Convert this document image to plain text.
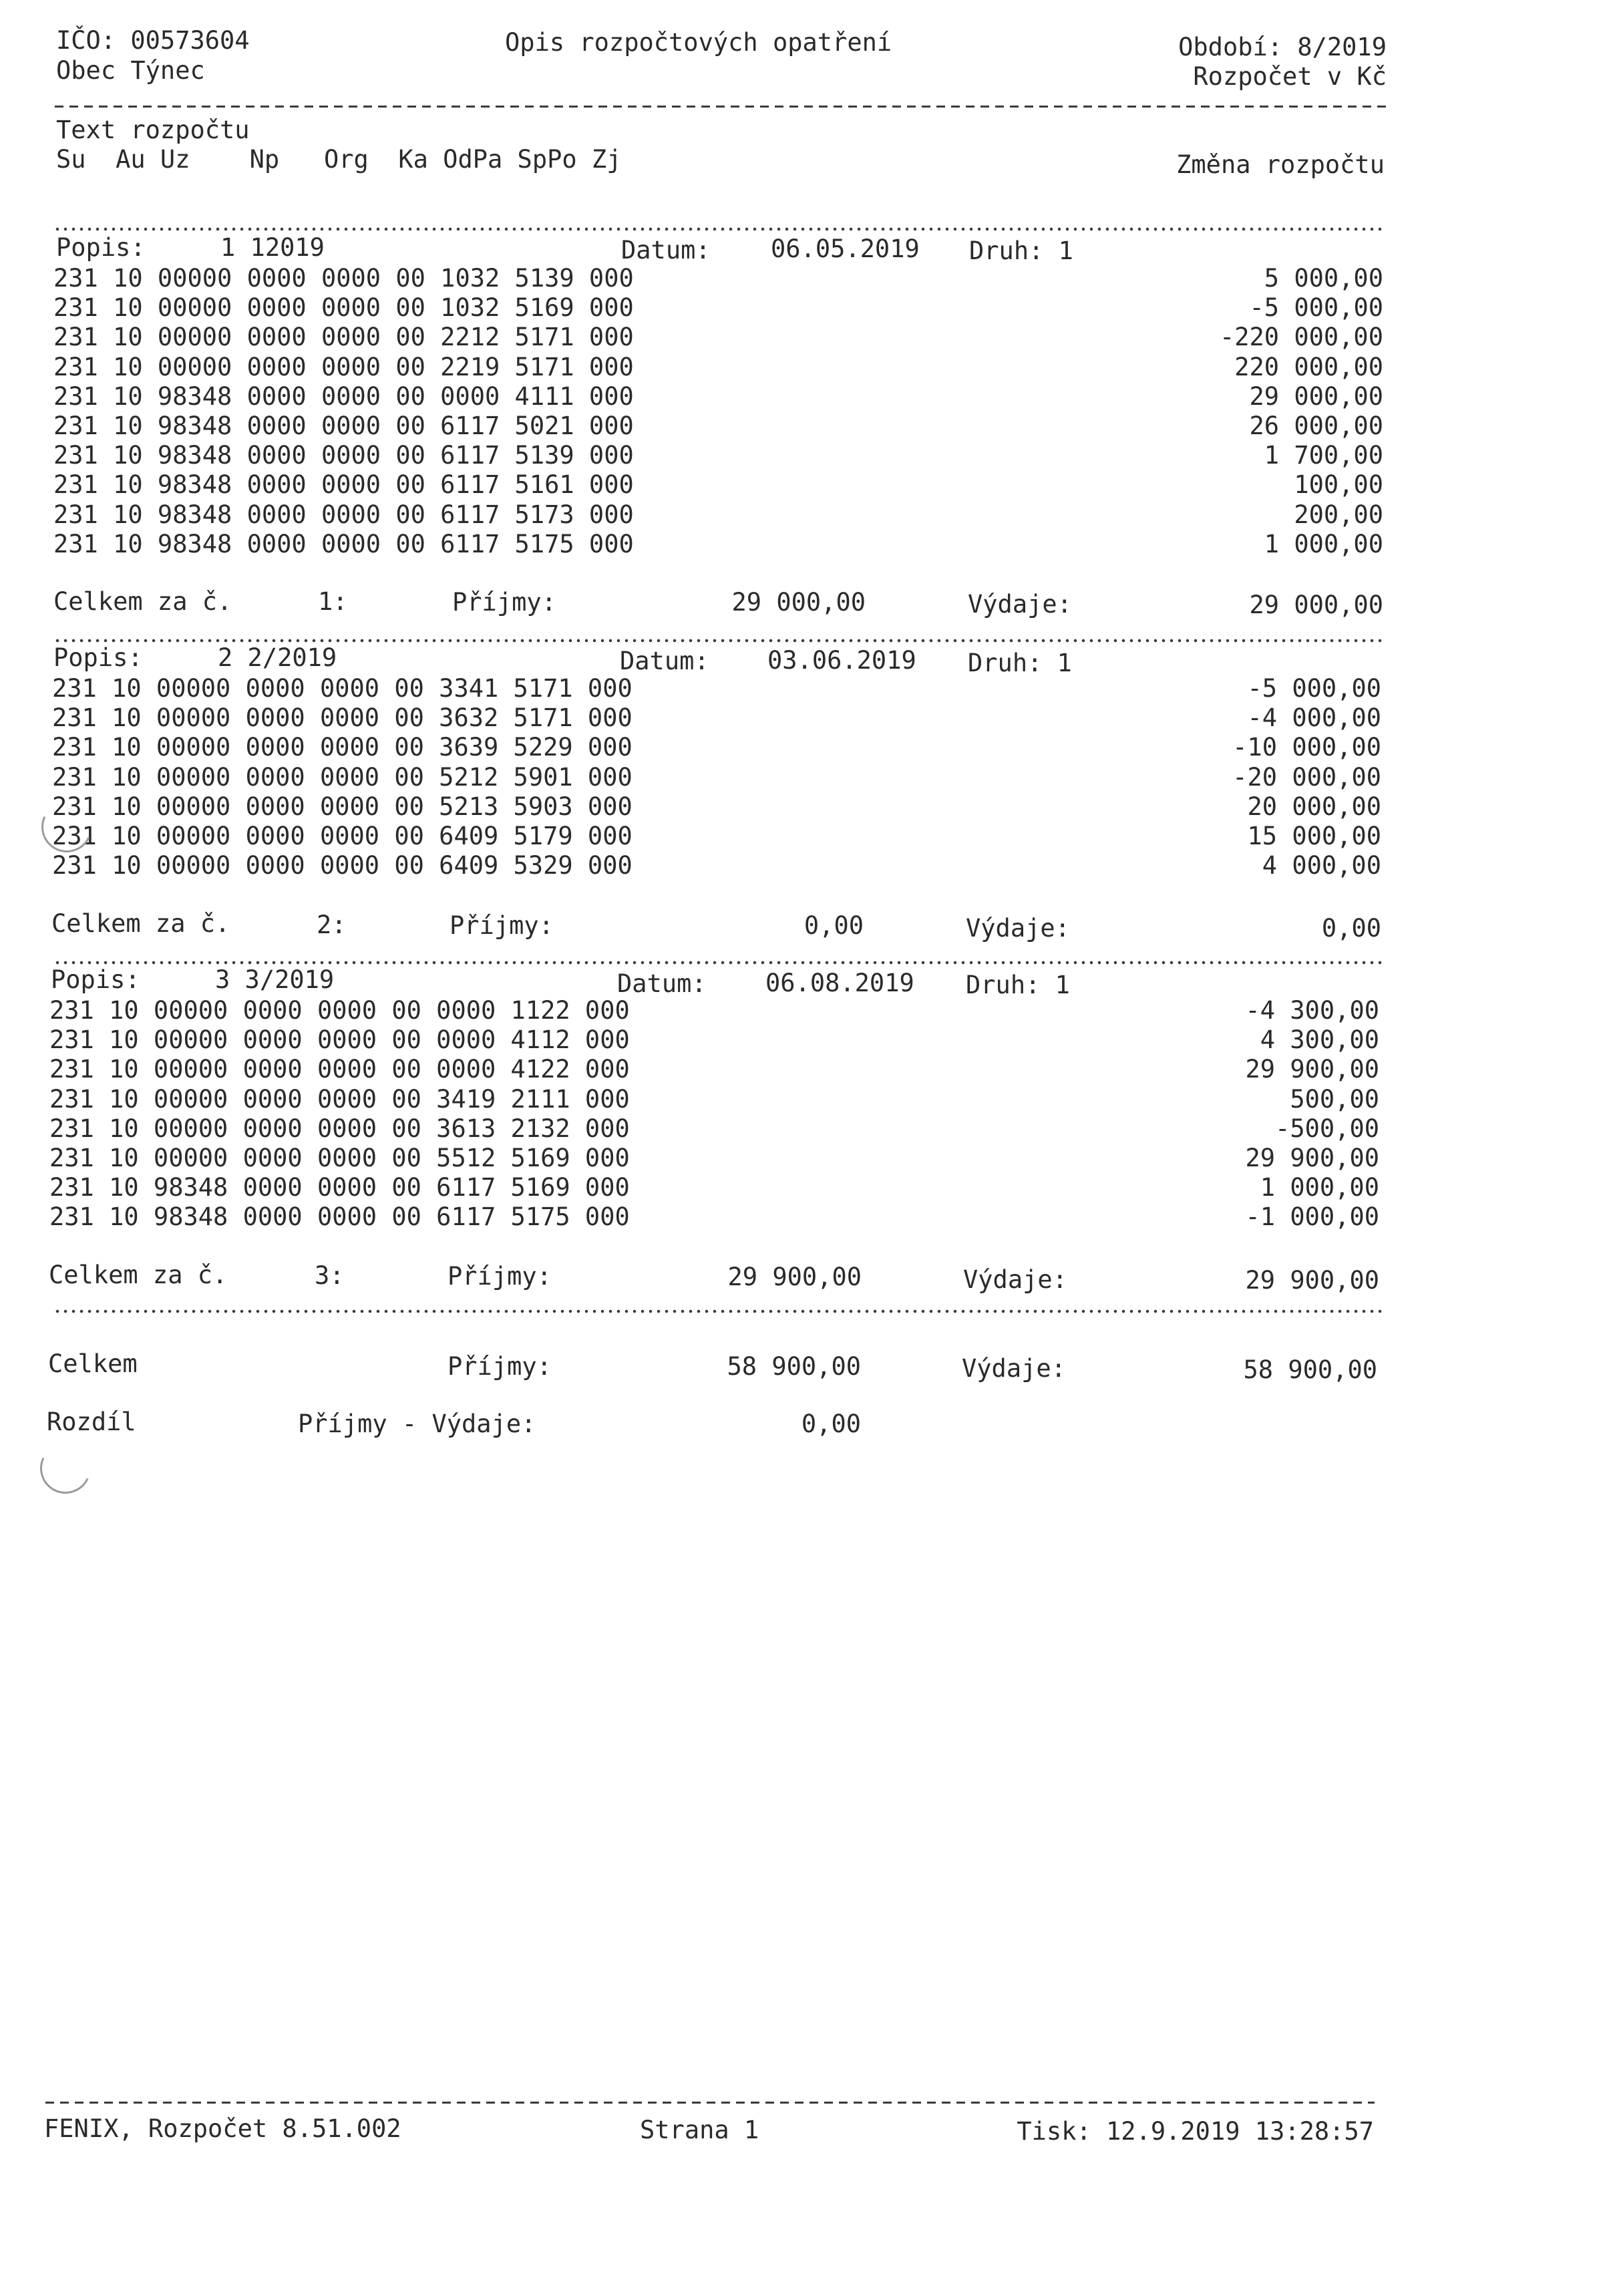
IČO: 00573604
Obec Týnec
Opis rozpočtových opatření	Období: 8/2019
Rozpočet v Kč
Text rozpočtu
Su  Au Uz    Np   Org  Ka OdPa SpPo Zj	Změna rozpočtu
Popis:	1 12019	Datum: 06.05.2019 Druh: 1
231 10 00000 0000 0000 00 1032 5139 000	5 000,00
231 10 00000 0000 0000 00 1032 5169 000	-5 000,00
231 10 00000 0000 0000 00 2212 5171 000	-220 000,00
231 10 00000 0000 0000 00 2219 5171 000	220 000,00
231 10 98348 0000 0000 00 0000 4111 000	29 000,00
231 10 98348 0000 0000 00 6117 5021 000	26 000,00
231 10 98348 0000 0000 00 6117 5139 000	1 700,00
231 10 98348 0000 0000 00 6117 5161 000	100,00
231 10 98348 0000 0000 00 6117 5173 000	200,00
231 10 98348 0000 0000 00 6117 5175 000	1 000,00
Celkem za č.	1:	Příjmy:	29 000,00	Výdaje:	29 000,00
Popis:	2 2/2019	Datum: 03.06.2019 Druh: 1
231 10 00000 0000 0000 00 3341 5171 000	-5 000,00
231 10 00000 0000 0000 00 3632 5171 000	-4 000,00
231 10 00000 0000 0000 00 3639 5229 000	-10 000,00
231 10 00000 0000 0000 00 5212 5901 000	-20 000,00
231 10 00000 0000 0000 00 5213 5903 000	20 000,00
231 10 00000 0000 0000 00 6409 5179 000	15 000,00
231 10 00000 0000 0000 00 6409 5329 000	4 000,00
Celkem za č.	2:	Příjmy:	0,00	Výdaje:	0,00
Popis:	3 3/2019	Datum: 06.08.2019 Druh: 1
231 10 00000 0000 0000 00 0000 1122 000	-4 300,00
231 10 00000 0000 0000 00 0000 4112 000	4 300,00
231 10 00000 0000 0000 00 0000 4122 000	29 900,00
231 10 00000 0000 0000 00 3419 2111 000	500,00
231 10 00000 0000 0000 00 3613 2132 000	-500,00
231 10 00000 0000 0000 00 5512 5169 000	29 900,00
231 10 98348 0000 0000 00 6117 5169 000	1 000,00
231 10 98348 0000 0000 00 6117 5175 000	-1 000,00
Celkem za č.	3:	Příjmy:	29 900,00	Výdaje:	29 900,00
Celkem	Příjmy:	58 900,00	Výdaje:	58 900,00
Rozdíl	Příjmy - Výdaje:	0,00
FENIX, Rozpočet 8.51.002	Strana 1	Tisk: 12.9.2019 13:28:57
